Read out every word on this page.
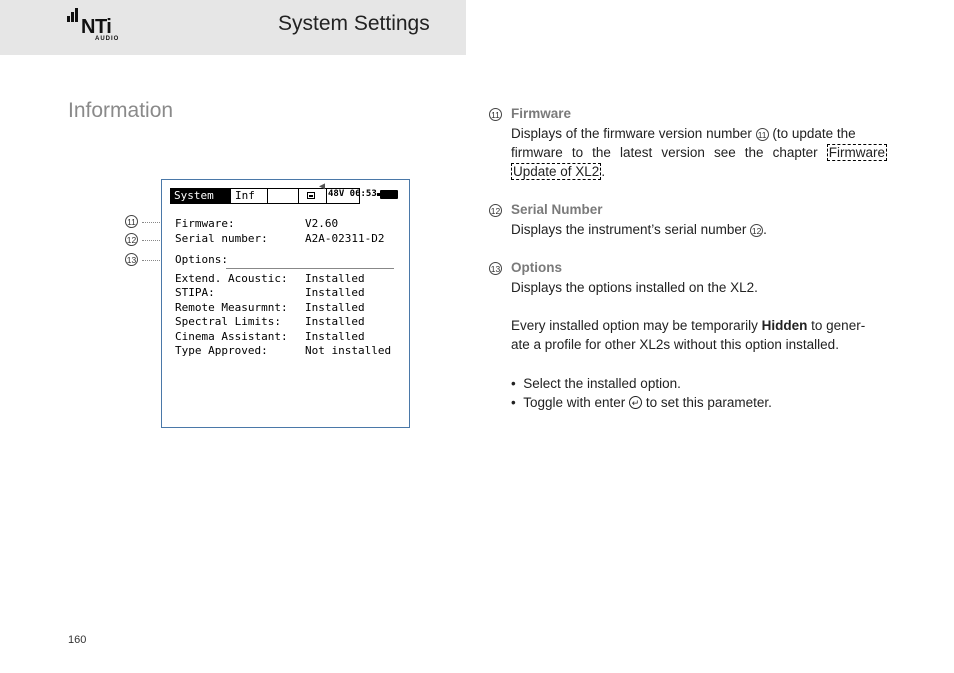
NTi
AUDIO
System Settings
Information
11
12
13
System	Inf
◀
48V 06:53
Firmware:	V2.60
Serial number:	A2A-02311-D2
Options:
Extend. Acoustic: Installed
STIPA:	Installed
Remote Measurmnt: Installed
Spectral Limits: Installed
Cinema Assistant: Installed
Type Approved:	Not installed
11 Firmware
Displays of the firmware version number 11 (to update the
firmware to the latest version see the chapter Firmware
Update of XL2 .
12 Serial Number
Displays the instrument’s serial number 12 .
13 Options
Displays the options installed on the XL2.
Every installed option may be temporarily Hidden to gener-
ate a profile for other XL2s without this option installed.
•  Select the installed option.
•  Toggle with enter ↵ to set this parameter.
160
